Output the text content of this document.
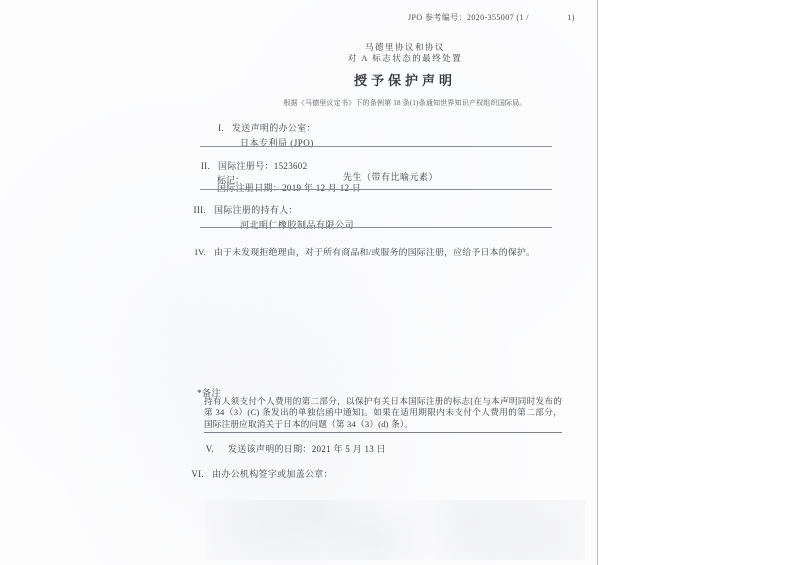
JPO 参考编号：2020-355007 (1 /                1)
马德里协议和协议
对 A 标志状态的最终处置
授予保护声明
根据《马德里议定书》下的条例第 18 条(1)条通知世界知识产权组织国际局。
I. 发送声明的办公室：
日本专利局 (JPO)
II. 国际注册号：1523602
标记：	先生（带有比喻元素）
国际注册日期：2019 年 12 月 12 日
III. 国际注册的持有人：
河北明仁橡胶制品有限公司
IV. 由于未发现拒绝理由，对于所有商品和/或服务的国际注册，应给予日本的保护。
*备注
持有人须支付个人费用的第二部分，以保护有关日本国际注册的标志[在与本声明同时发布的第 34（3）(C) 条发出的单独信函中通知]。如果在适用期限内未支付个人费用的第二部分，国际注册应取消关于日本的问题（第 34（3）(d) 条）。
V. 发送该声明的日期：2021 年 5 月 13 日
VI. 由办公机构签字或加盖公章：
